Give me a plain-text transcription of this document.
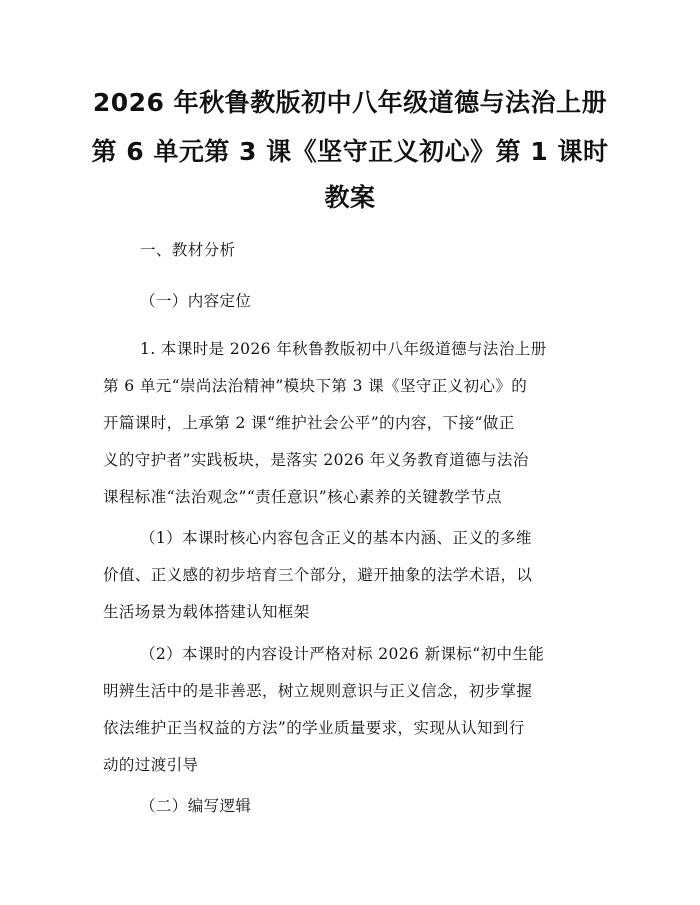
2026 年秋鲁教版初中八年级道德与法治上册
第 6 单元第 3 课《坚守正义初心》第 1 课时
教案
一、教材分析
（一）内容定位
1. 本课时是 2026 年秋鲁教版初中八年级道德与法治上册
第 6 单元“崇尚法治精神”模块下第 3 课《坚守正义初心》的
开篇课时，上承第 2 课“维护社会公平”的内容，下接“做正
义的守护者”实践板块，是落实 2026 年义务教育道德与法治
课程标准“法治观念”“责任意识”核心素养的关键教学节点
（1）本课时核心内容包含正义的基本内涵、正义的多维
价值、正义感的初步培育三个部分，避开抽象的法学术语，以
生活场景为载体搭建认知框架
（2）本课时的内容设计严格对标 2026 新课标“初中生能
明辨生活中的是非善恶，树立规则意识与正义信念，初步掌握
依法维护正当权益的方法”的学业质量要求，实现从认知到行
动的过渡引导
（二）编写逻辑
